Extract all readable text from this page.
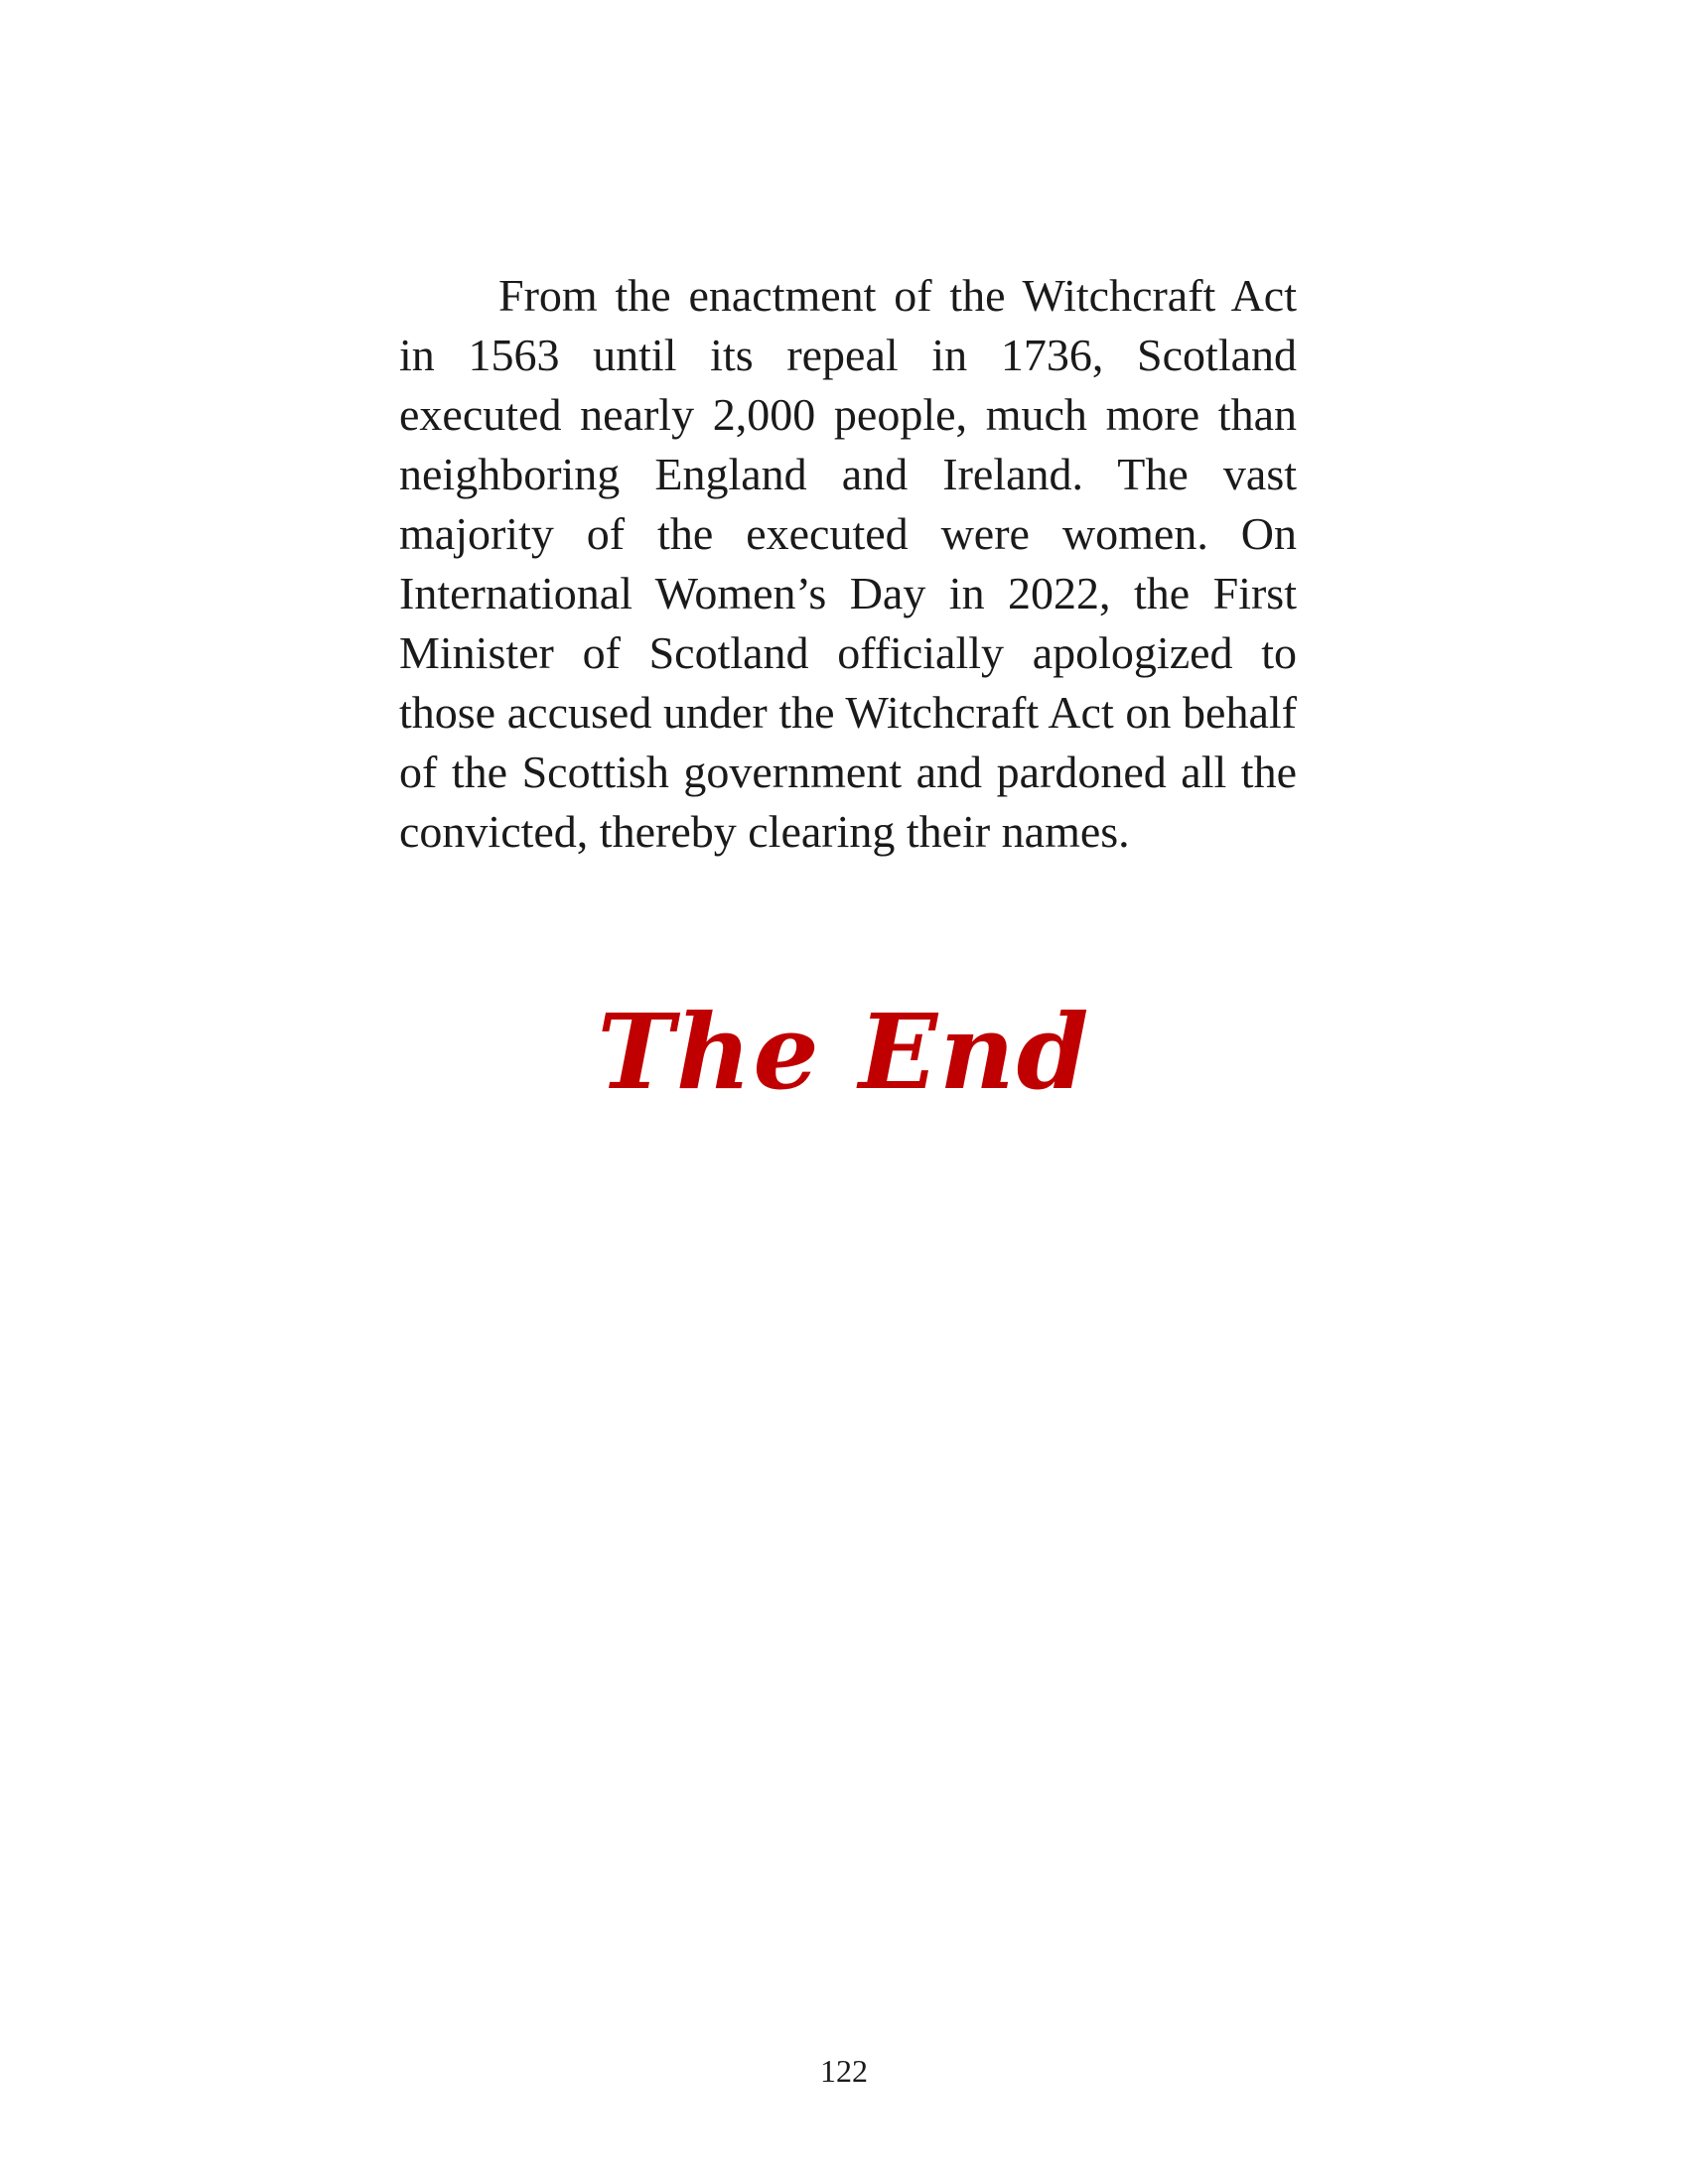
From the enactment of the Witchcraft Act in 1563 until its repeal in 1736, Scotland executed nearly 2,000 people, much more than neighboring England and Ireland. The vast majority of the executed were women. On International Women’s Day in 2022, the First Minister of Scotland officially apologized to those accused under the Witchcraft Act on behalf of the Scottish government and pardoned all the convicted, thereby clearing their names.

The End
122
